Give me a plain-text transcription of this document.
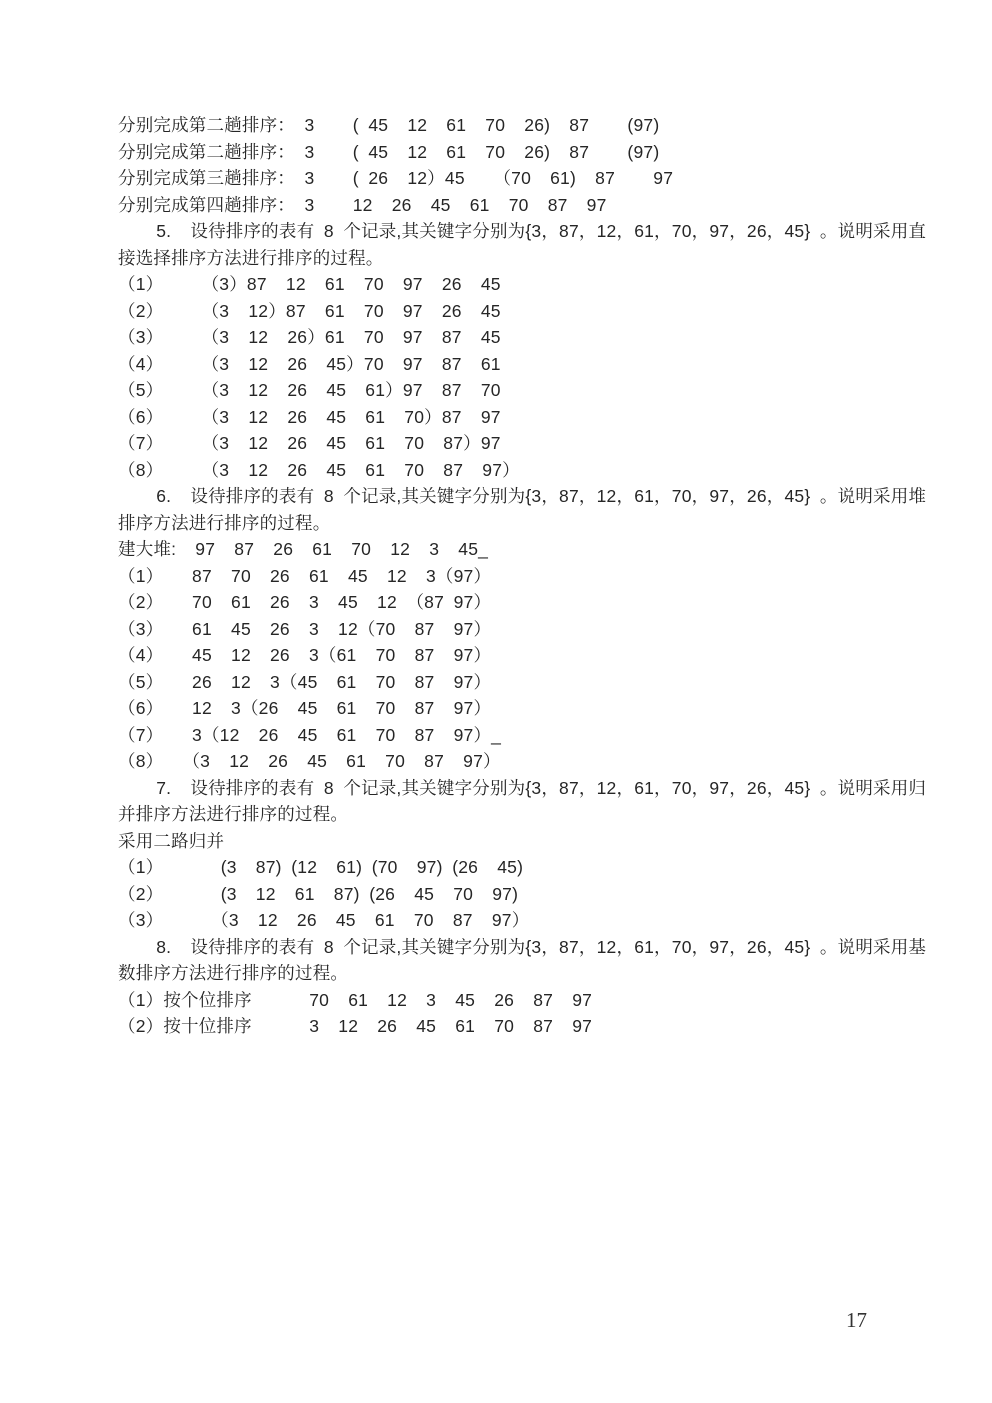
分别完成第二趟排序： 3    ( 45  12  61  70  26)  87    (97)
分别完成第二趟排序： 3    ( 45  12  61  70  26)  87    (97)
分别完成第三趟排序： 3    ( 26  12）45   （70  61)  87    97
分别完成第四趟排序： 3    12  26  45  61  70  87  97
5.  设待排序的表有 8 个记录,其关键字分别为{3，87，12，61，70，97，26，45} 。说明采用直
接选择排序方法进行排序的过程。
（1）    （3）87  12  61  70  97  26  45
（2）    （3  12）87  61  70  97  26  45
（3）    （3  12  26）61  70  97  87  45
（4）    （3  12  26  45）70  97  87  61
（5）    （3  12  26  45  61）97  87  70
（6）    （3  12  26  45  61  70）87  97
（7）    （3  12  26  45  61  70  87）97
（8）    （3  12  26  45  61  70  87  97）
6.  设待排序的表有 8 个记录,其关键字分别为{3，87，12，61，70，97，26，45} 。说明采用堆
排序方法进行排序的过程。
建大堆:  97  87  26  61  70  12  3  45_
（1）   87  70  26  61  45  12  3（97）
（2）   70  61  26  3  45  12 （87 97）
（3）   61  45  26  3  12（70  87  97）
（4）   45  12  26  3（61  70  87  97）
（5）   26  12  3（45  61  70  87  97）
（6）   12  3（26  45  61  70  87  97）
（7）   3（12  26  45  61  70  87  97）_
（8）  （3  12  26  45  61  70  87  97）
7.  设待排序的表有 8 个记录,其关键字分别为{3，87，12，61，70，97，26，45} 。说明采用归
并排序方法进行排序的过程。
采用二路归并
（1）      (3  87) (12  61) (70  97) (26  45)
（2）      (3  12  61  87) (26  45  70  97)
（3）     （3  12  26  45  61  70  87  97）
8.  设待排序的表有 8 个记录,其关键字分别为{3，87，12，61，70，97，26，45} 。说明采用基
数排序方法进行排序的过程。
（1）按个位排序      70  61  12  3  45  26  87  97
（2）按十位排序      3  12  26  45  61  70  87  97
17
